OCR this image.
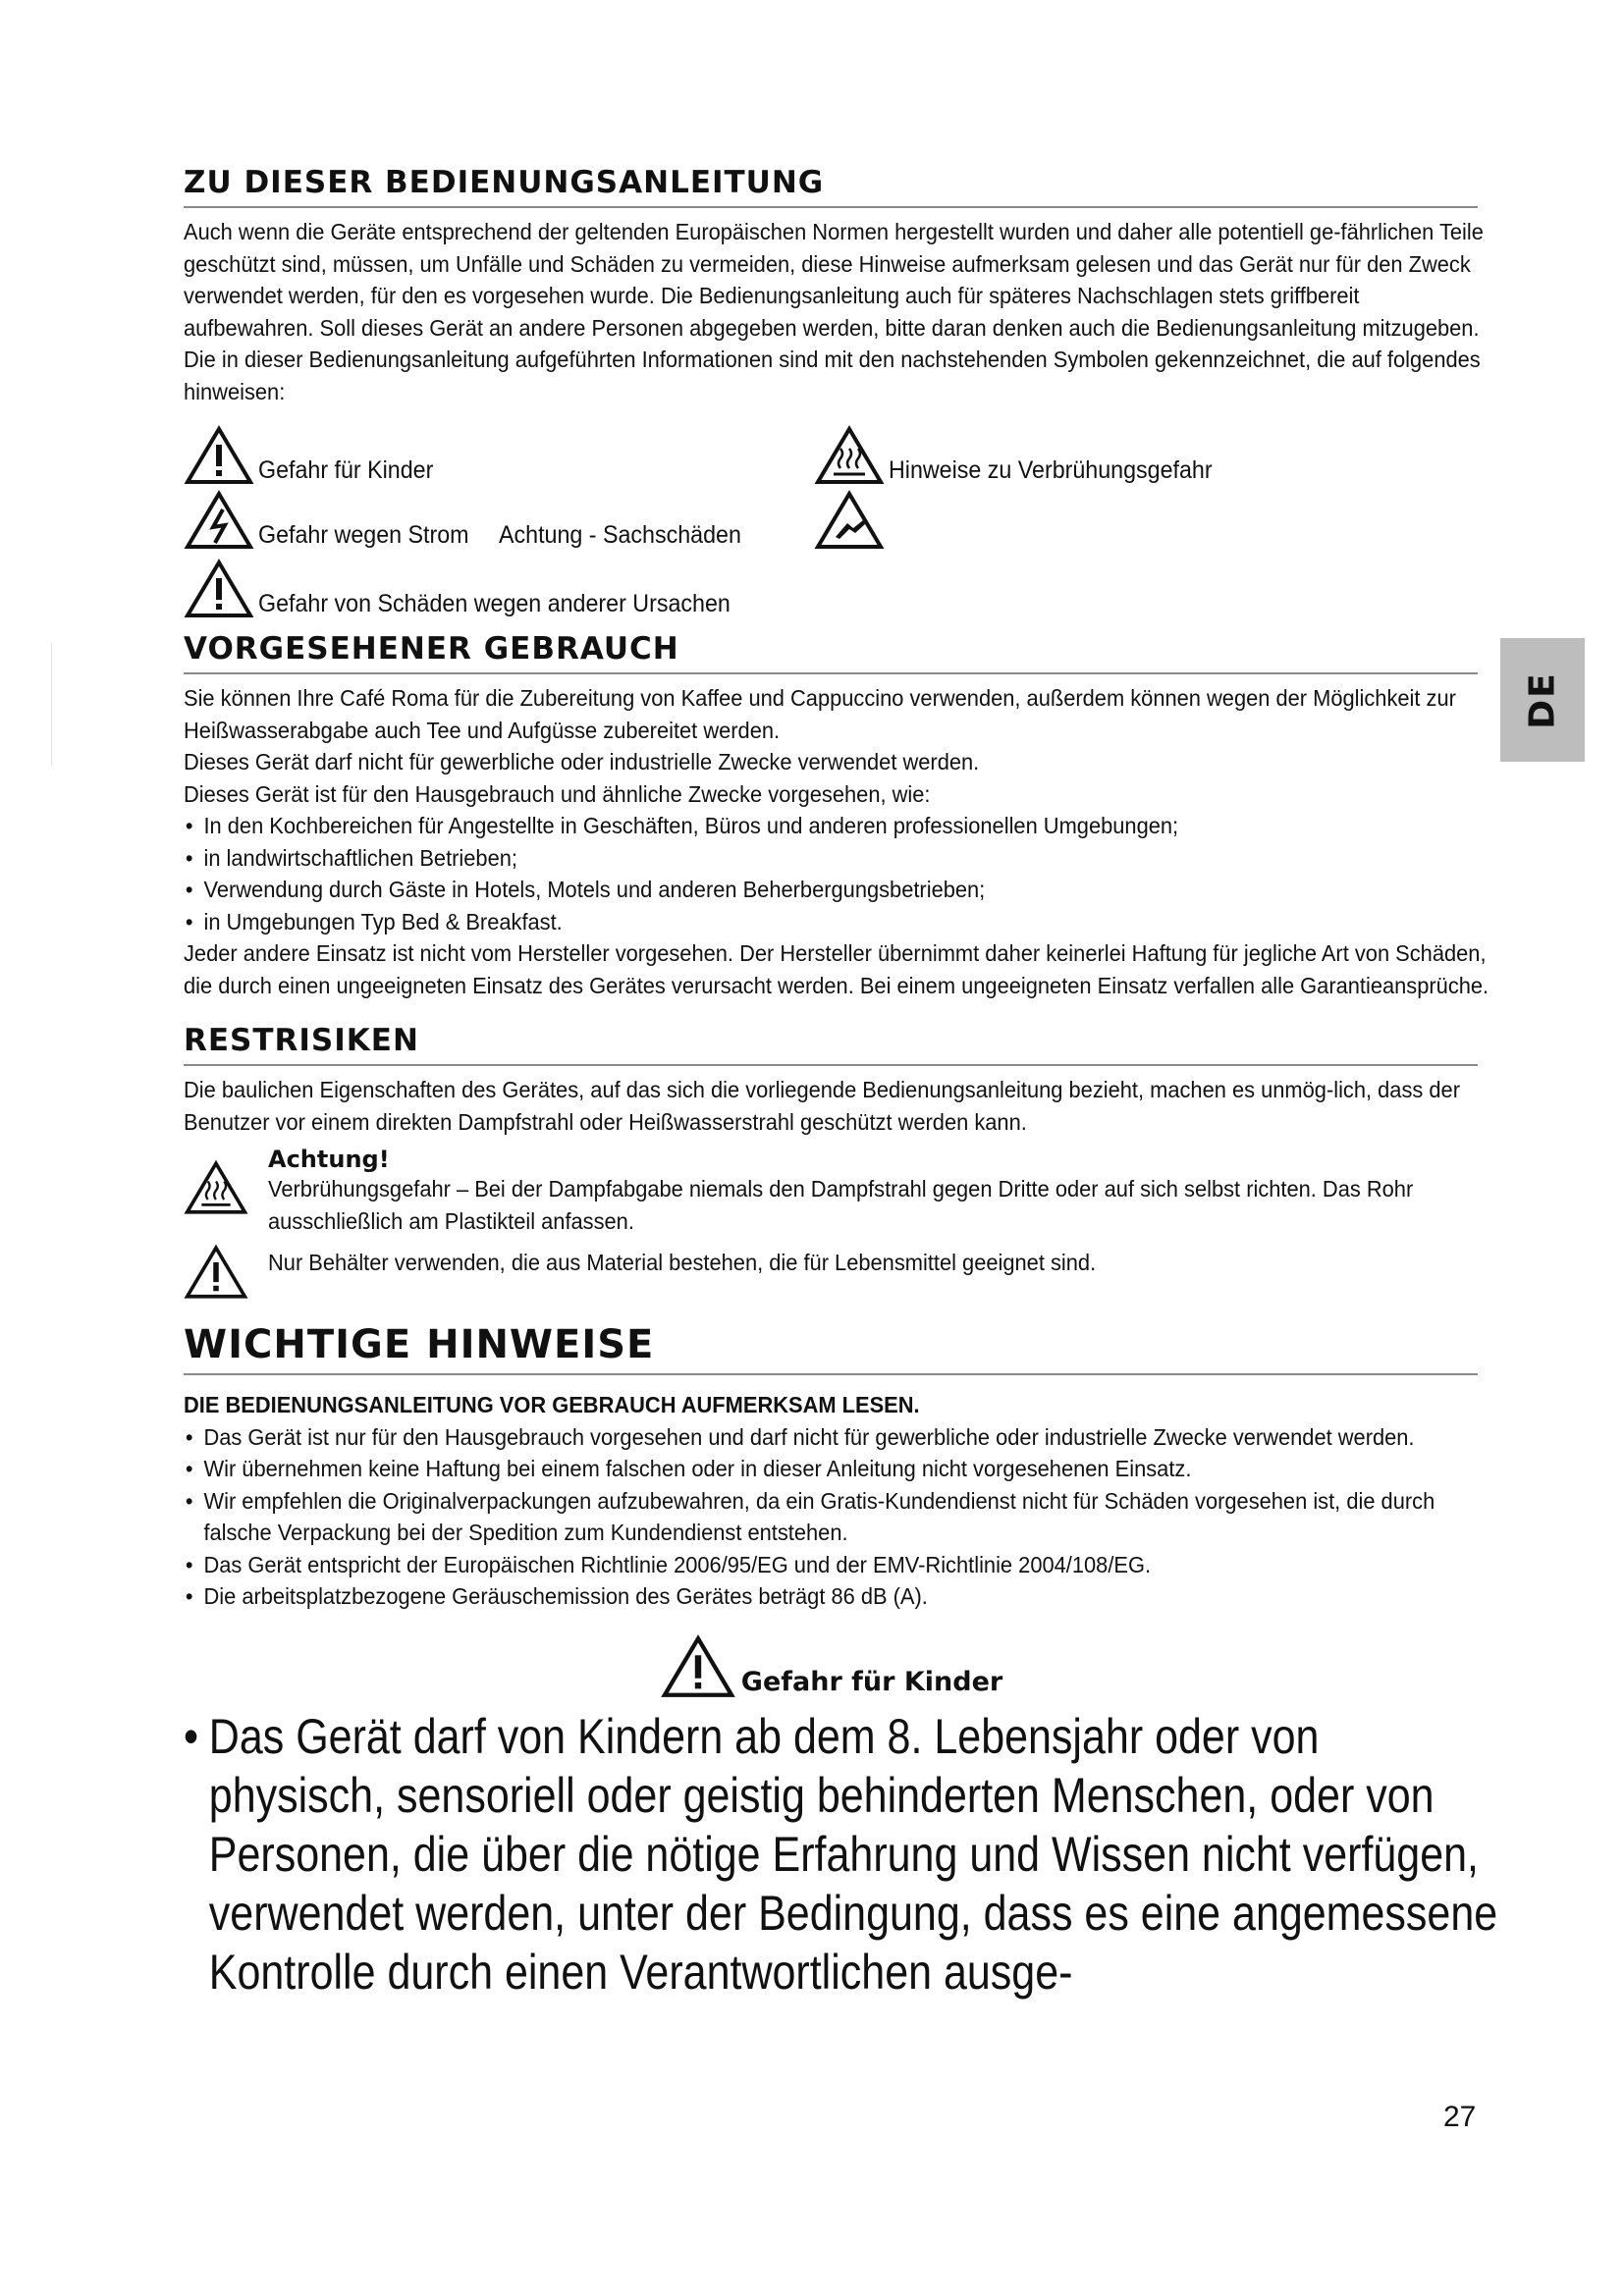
DE
ZU DIESER BEDIENUNGSANLEITUNG

Auch wenn die Geräte entsprechend der geltenden Europäischen Normen hergestellt wurden und daher alle potentiell ge-fährlichen Teile geschützt sind, müssen, um Unfälle und Schäden zu vermeiden, diese Hinweise aufmerksam gelesen und das Gerät nur für den Zweck verwendet werden, für den es vorgesehen wurde. Die Bedienungsanleitung auch für späteres Nachschlagen stets griffbereit aufbewahren. Soll dieses Gerät an andere Personen abgegeben werden, bitte daran denken auch die Bedienungsanleitung mitzugeben. Die in dieser Bedienungsanleitung aufgeführten Informationen sind mit den nachstehenden Symbolen gekennzeichnet, die auf folgendes hinweisen:

Gefahr für Kinder
Gefahr wegen Strom Achtung - Sachschäden
Gefahr von Schäden wegen anderer Ursachen
Hinweise zu Verbrühungsgefahr
VORGESEHENER GEBRAUCH

Sie können Ihre Café Roma für die Zubereitung von Kaffee und Cappuccino verwenden, außerdem können wegen der Möglichkeit zur Heißwasserabgabe auch Tee und Aufgüsse zubereitet werden.

Dieses Gerät darf nicht für gewerbliche oder industrielle Zwecke verwendet werden.

Dieses Gerät ist für den Hausgebrauch und ähnliche Zwecke vorgesehen, wie:

• In den Kochbereichen für Angestellte in Geschäften, Büros und anderen professionellen Umgebungen;
• in landwirtschaftlichen Betrieben;
• Verwendung durch Gäste in Hotels, Motels und anderen Beherbergungsbetrieben;
• in Umgebungen Typ Bed & Breakfast.

Jeder andere Einsatz ist nicht vom Hersteller vorgesehen. Der Hersteller übernimmt daher keinerlei Haftung für jegliche Art von Schäden, die durch einen ungeeigneten Einsatz des Gerätes verursacht werden. Bei einem ungeeigneten Einsatz verfallen alle Garantieansprüche.

RESTRISIKEN

Die baulichen Eigenschaften des Gerätes, auf das sich die vorliegende Bedienungsanleitung bezieht, machen es unmög-lich, dass der Benutzer vor einem direkten Dampfstrahl oder Heißwasserstrahl geschützt werden kann.

Achtung!

Verbrühungsgefahr – Bei der Dampfabgabe niemals den Dampfstrahl gegen Dritte oder auf sich selbst richten. Das Rohr ausschließlich am Plastikteil anfassen.

Nur Behälter verwenden, die aus Material bestehen, die für Lebensmittel geeignet sind.

WICHTIGE HINWEISE

DIE BEDIENUNGSANLEITUNG VOR GEBRAUCH AUFMERKSAM LESEN.

• Das Gerät ist nur für den Hausgebrauch vorgesehen und darf nicht für gewerbliche oder industrielle Zwecke verwendet werden.
• Wir übernehmen keine Haftung bei einem falschen oder in dieser Anleitung nicht vorgesehenen Einsatz.
• Wir empfehlen die Originalverpackungen aufzubewahren, da ein Gratis-Kundendienst nicht für Schäden vorgesehen ist, die durch falsche Verpackung bei der Spedition zum Kundendienst entstehen.
• Das Gerät entspricht der Europäischen Richtlinie 2006/95/EG und der EMV-Richtlinie 2004/108/EG.
• Die arbeitsplatzbezogene Geräuschemission des Gerätes beträgt 86 dB (A).
Gefahr für Kinder
• Das Gerät darf von Kindern ab dem 8. Lebensjahr oder von physisch, sensoriell oder geistig behinderten Menschen, oder von Personen, die über die nötige Erfahrung und Wissen nicht verfügen, verwendet werden, unter der Bedingung, dass es eine angemessene Kontrolle durch einen Verantwortlichen ausge-
27
